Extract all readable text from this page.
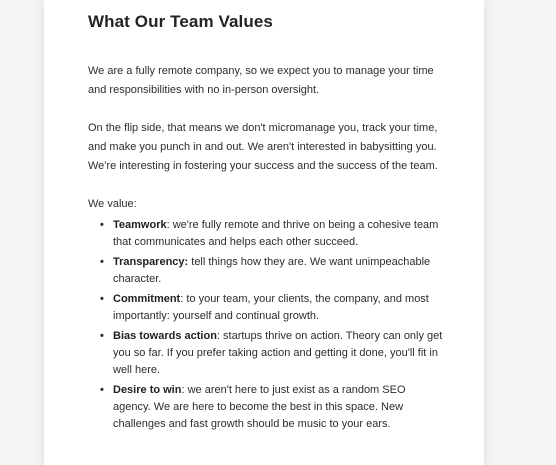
What Our Team Values

We are a fully remote company, so we expect you to manage your time and responsibilities with no in-person oversight.

On the flip side, that means we don't micromanage you, track your time, and make you punch in and out. We aren't interested in babysitting you. We're interesting in fostering your success and the success of the team.

We value:

• Teamwork: we're fully remote and thrive on being a cohesive team that communicates and helps each other succeed.
• Transparency: tell things how they are. We want unimpeachable character.
• Commitment: to your team, your clients, the company, and most importantly: yourself and continual growth.
• Bias towards action: startups thrive on action. Theory can only get you so far. If you prefer taking action and getting it done, you'll fit in well here.
• Desire to win: we aren't here to just exist as a random SEO agency. We are here to become the best in this space. New challenges and fast growth should be music to your ears.
